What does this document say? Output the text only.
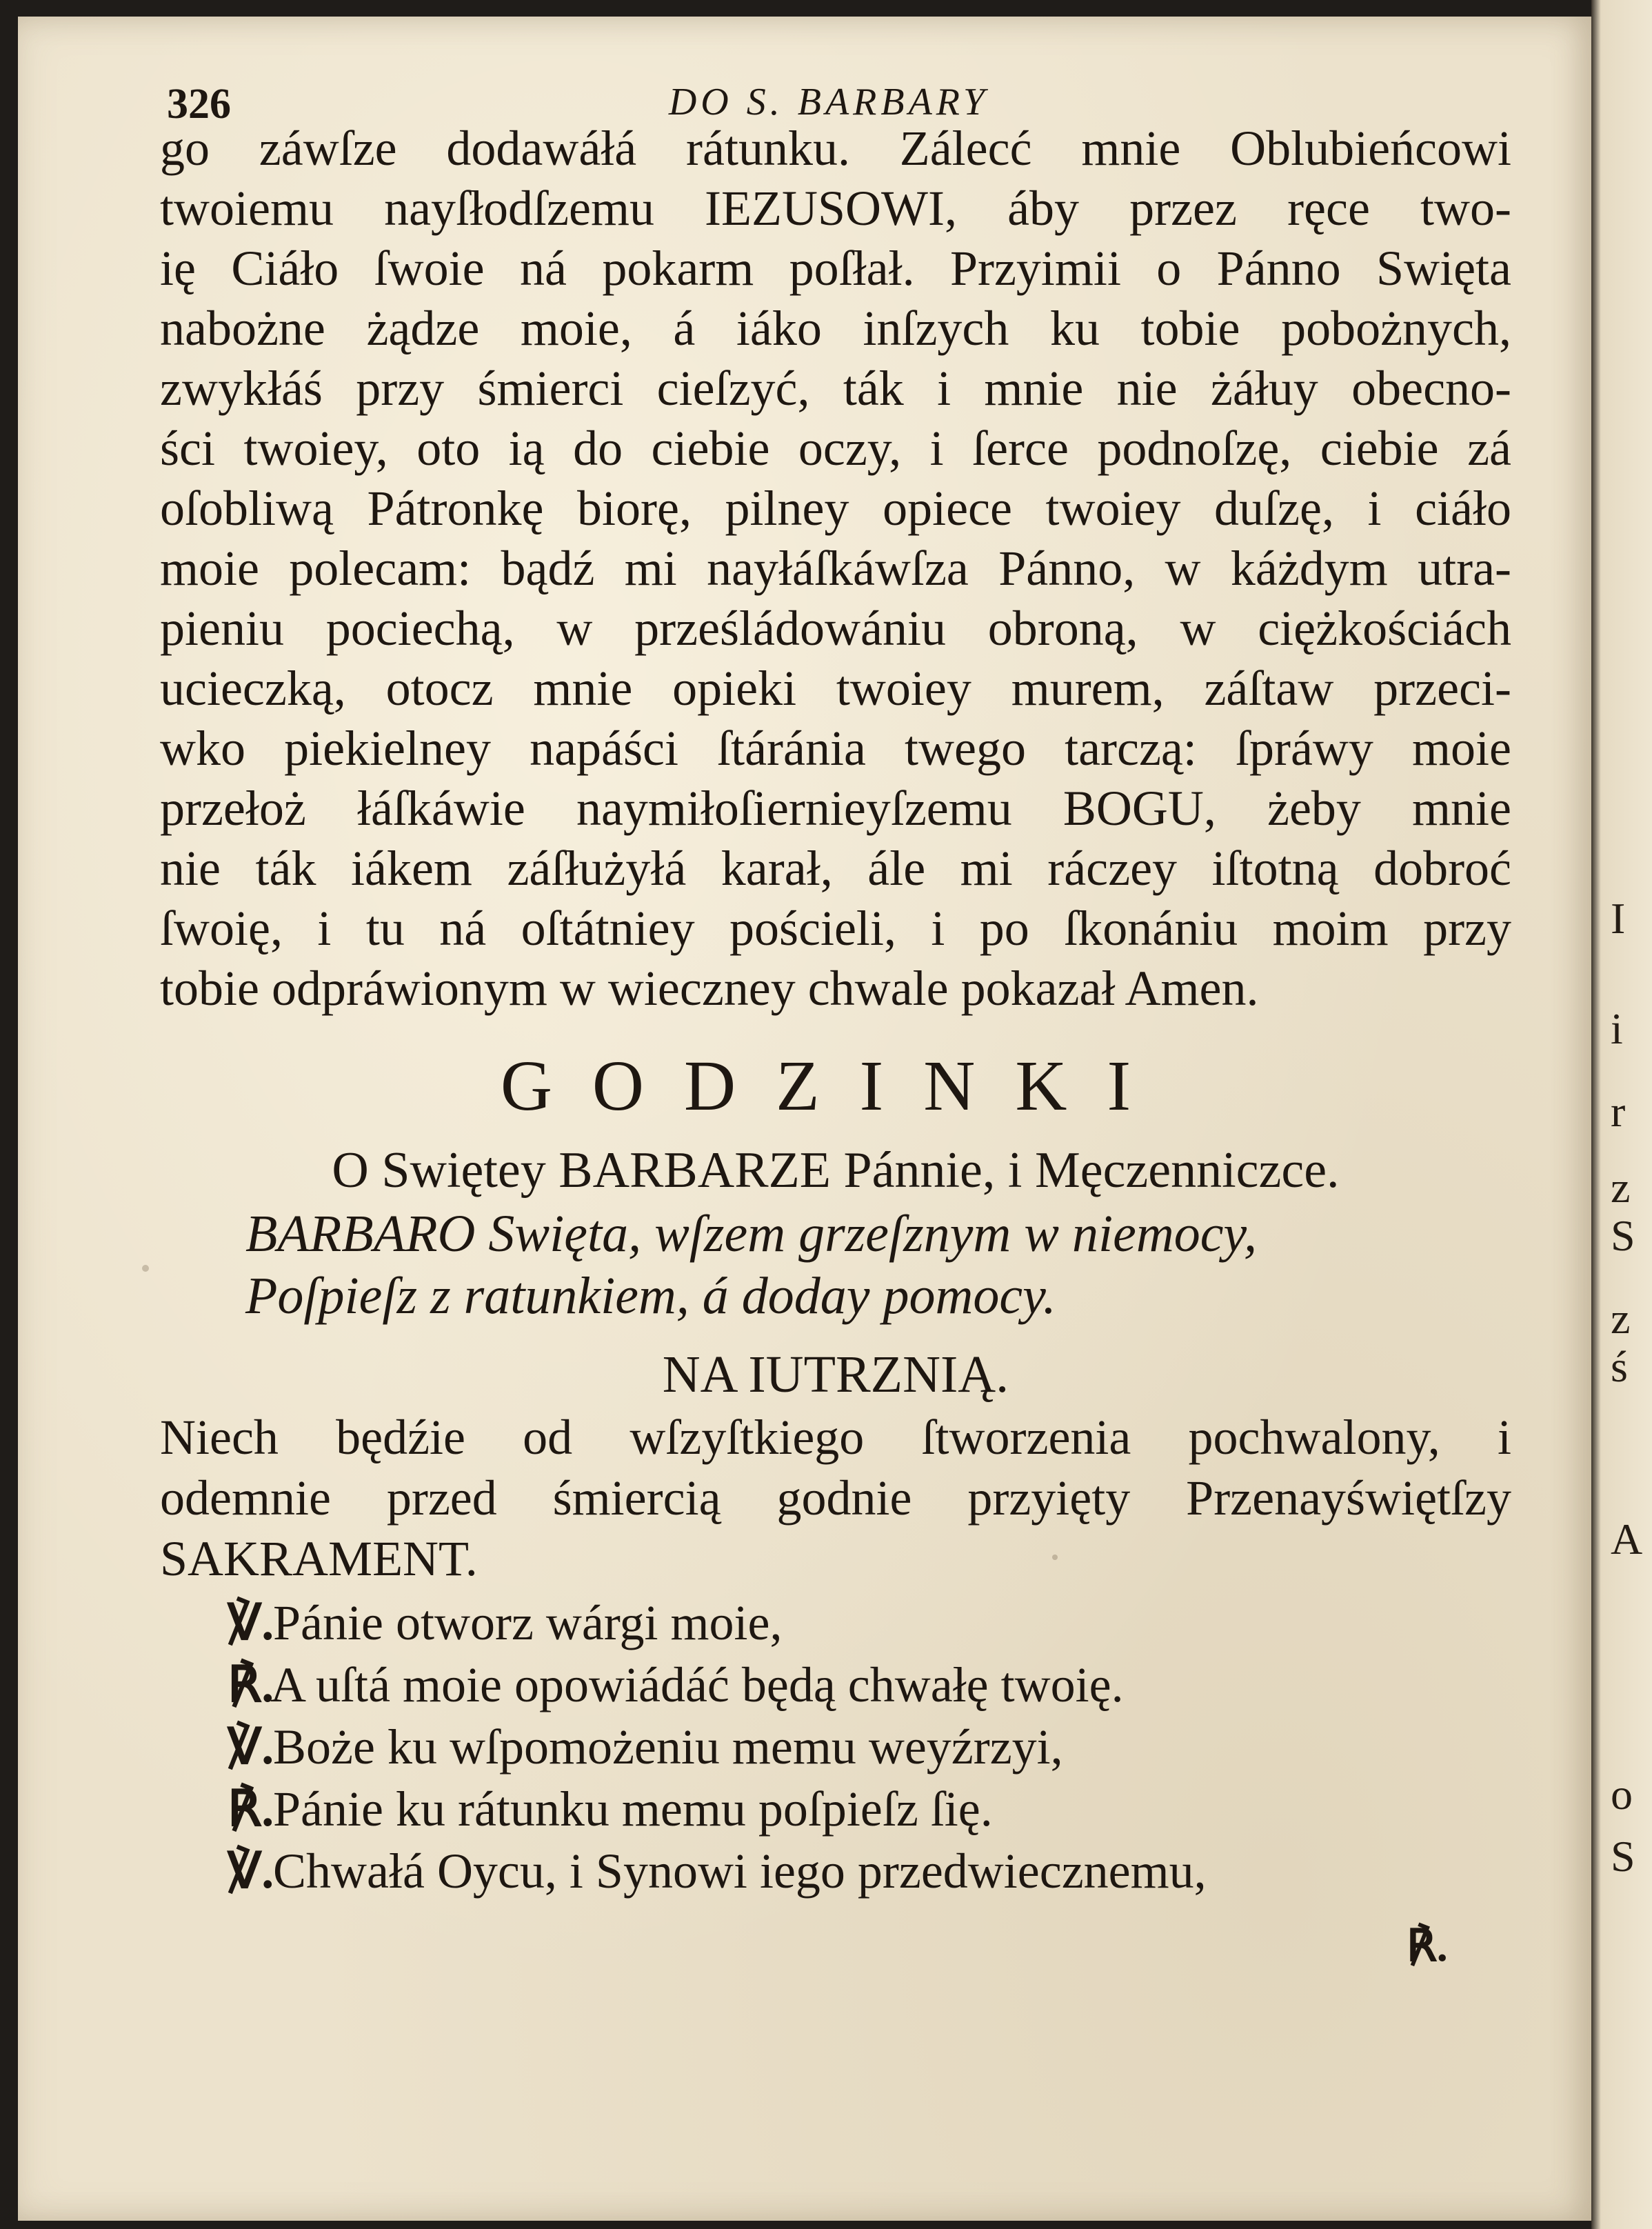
I
i
r
z
S
z
ś
A
o
S
326	DO S. BARBARY
go záwſze dodawáłá rátunku. Zálecć mnie Oblubieńcowi
twoiemu nayſłodſzemu IEZUSOWI, áby przez ręce two-
ię Ciáło ſwoie ná pokarm poſłał. Przyimii o Pánno Swięta
nabożne żądze moie, á iáko inſzych ku tobie pobożnych,
zwykłáś przy śmierci cieſzyć, ták i mnie nie żáłuy obecno-
ści twoiey, oto ią do ciebie oczy, i ſerce podnoſzę, ciebie zá
oſobliwą Pátronkę biorę, pilney opiece twoiey duſzę, i ciáło
moie polecam: bądź mi nayłáſkáwſza Pánno, w káżdym utra-
pieniu pociechą, w prześládowániu obroną, w ciężkościách
ucieczką, otocz mnie opieki twoiey murem, záſtaw przeci-
wko piekielney napáści ſtáránia twego tarczą: ſpráwy moie
przełoż łáſkáwie naymiłoſiernieyſzemu BOGU, żeby mnie
nie ták iákem záſłużyłá karał, ále mi ráczey iſtotną dobroć
ſwoię, i tu ná oſtátniey pościeli, i po ſkonániu moim przy
tobie odpráwionym w wieczney chwale pokazał Amen.
GODZINKI
O Swiętey BARBARZE Pánnie, i Męczenniczce.
BARBARO Swięta, wſzem grzeſznym w niemocy,
Poſpieſz z ratunkiem, á doday pomocy.
NA IUTRZNIĄ.
Niech będźie od wſzyſtkiego ſtworzenia pochwalony, i
odemnie przed śmiercią godnie przyięty Przenayświętſzy
SAKRAMENT.
℣. Pánie otworz wárgi moie,
℟. A uſtá moie opowiádáć będą chwałę twoię.
℣. Boże ku wſpomożeniu memu weyźrzyi,
℟. Pánie ku rátunku memu poſpieſz ſię.
℣. Chwałá Oycu, i Synowi iego przedwiecznemu,
℟.
